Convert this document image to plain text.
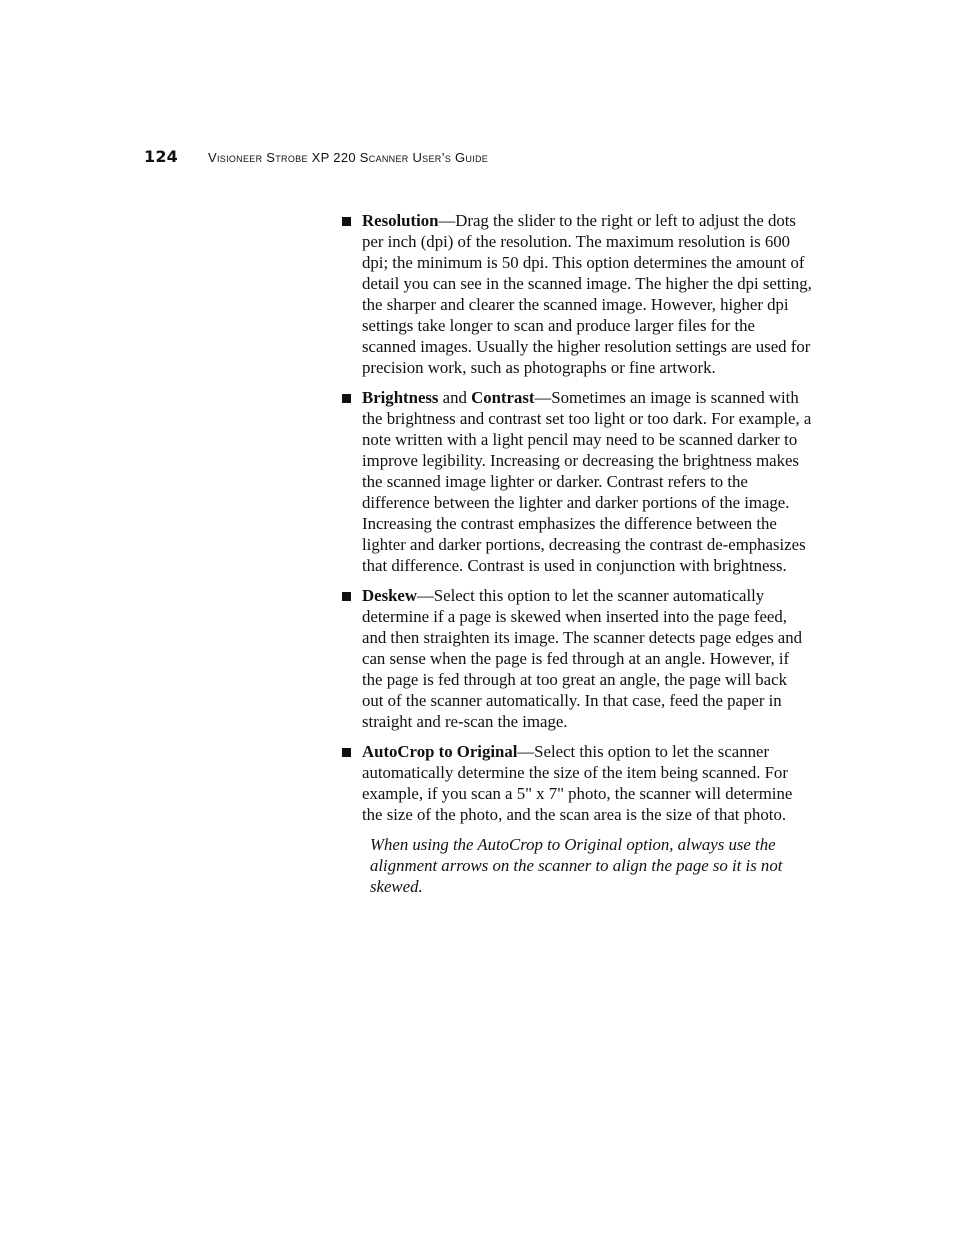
124 Visioneer Strobe XP 220 Scanner User’s Guide
Resolution—Drag the slider to the right or left to adjust the dots per inch (dpi) of the resolution. The maximum resolution is 600 dpi; the minimum is 50 dpi. This option determines the amount of detail you can see in the scanned image. The higher the dpi setting, the sharper and clearer the scanned image. However, higher dpi settings take longer to scan and produce larger files for the scanned images. Usually the higher resolution settings are used for precision work, such as photographs or fine artwork.
Brightness and Contrast—Sometimes an image is scanned with the brightness and contrast set too light or too dark. For example, a note written with a light pencil may need to be scanned darker to improve legibility. Increasing or decreasing the brightness makes the scanned image lighter or darker. Contrast refers to the difference between the lighter and darker portions of the image. Increasing the contrast emphasizes the difference between the lighter and darker portions, decreasing the contrast de-emphasizes that difference. Contrast is used in conjunction with brightness.
Deskew—Select this option to let the scanner automatically determine if a page is skewed when inserted into the page feed, and then straighten its image. The scanner detects page edges and can sense when the page is fed through at an angle. However, if the page is fed through at too great an angle, the page will back out of the scanner automatically. In that case, feed the paper in straight and re-scan the image.
AutoCrop to Original—Select this option to let the scanner automatically determine the size of the item being scanned. For example, if you scan a 5" x 7" photo, the scanner will determine the size of the photo, and the scan area is the size of that photo.
When using the AutoCrop to Original option, always use the alignment arrows on the scanner to align the page so it is not skewed.
